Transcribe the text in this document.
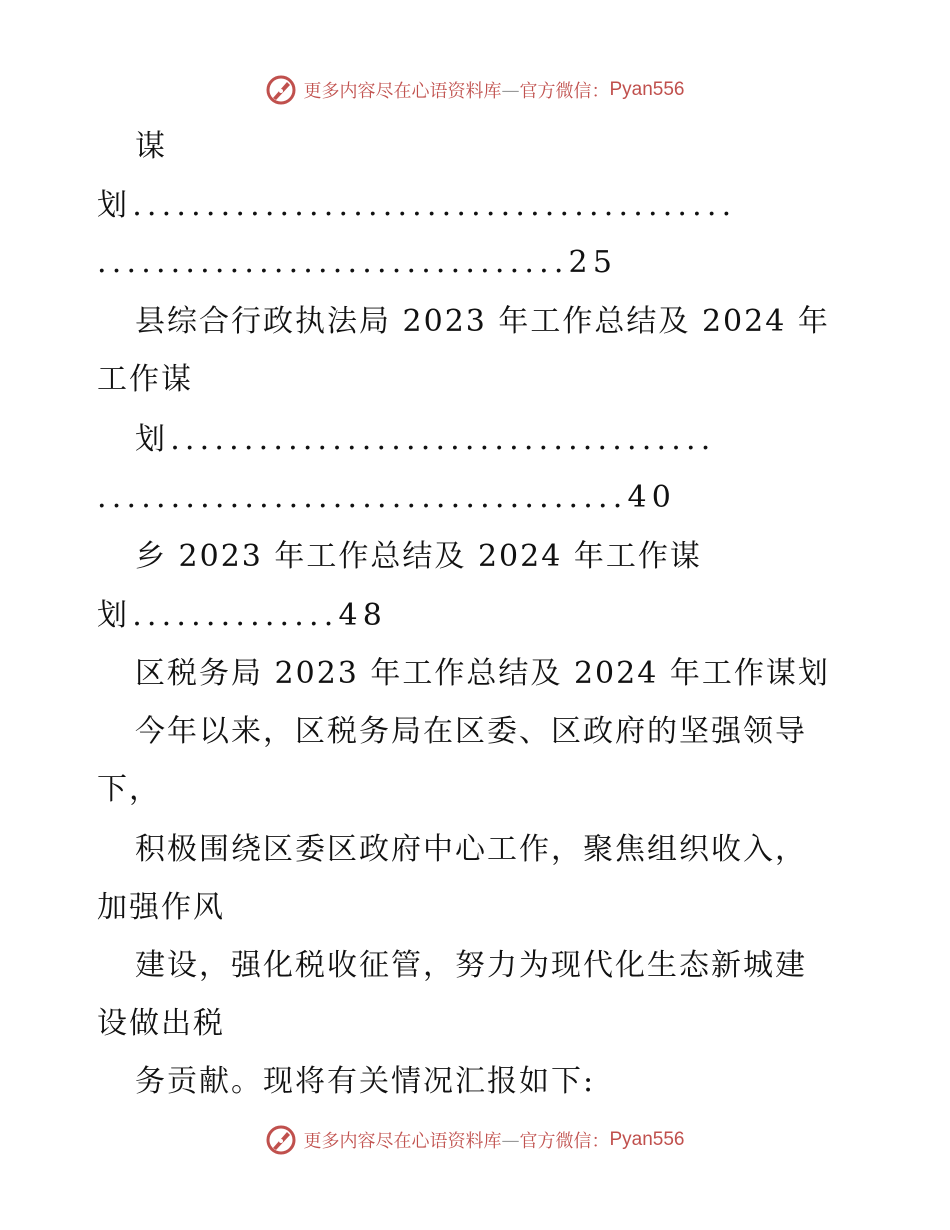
更多内容尽在心语资料库 — 官方微信： Pyan556
谋
划.........................................
................................25
县综合行政执法局 2023 年工作总结及 2024 年
工作谋
划.....................................
....................................40
乡 2023 年工作总结及 2024 年工作谋
划..............48
区税务局 2023 年工作总结及 2024 年工作谋划
今年以来，区税务局在区委、区政府的坚强领导
下，
积极围绕区委区政府中心工作，聚焦组织收入，
加强作风
建设，强化税收征管，努力为现代化生态新城建
设做出税
务贡献。现将有关情况汇报如下:
更多内容尽在心语资料库 — 官方微信： Pyan556
